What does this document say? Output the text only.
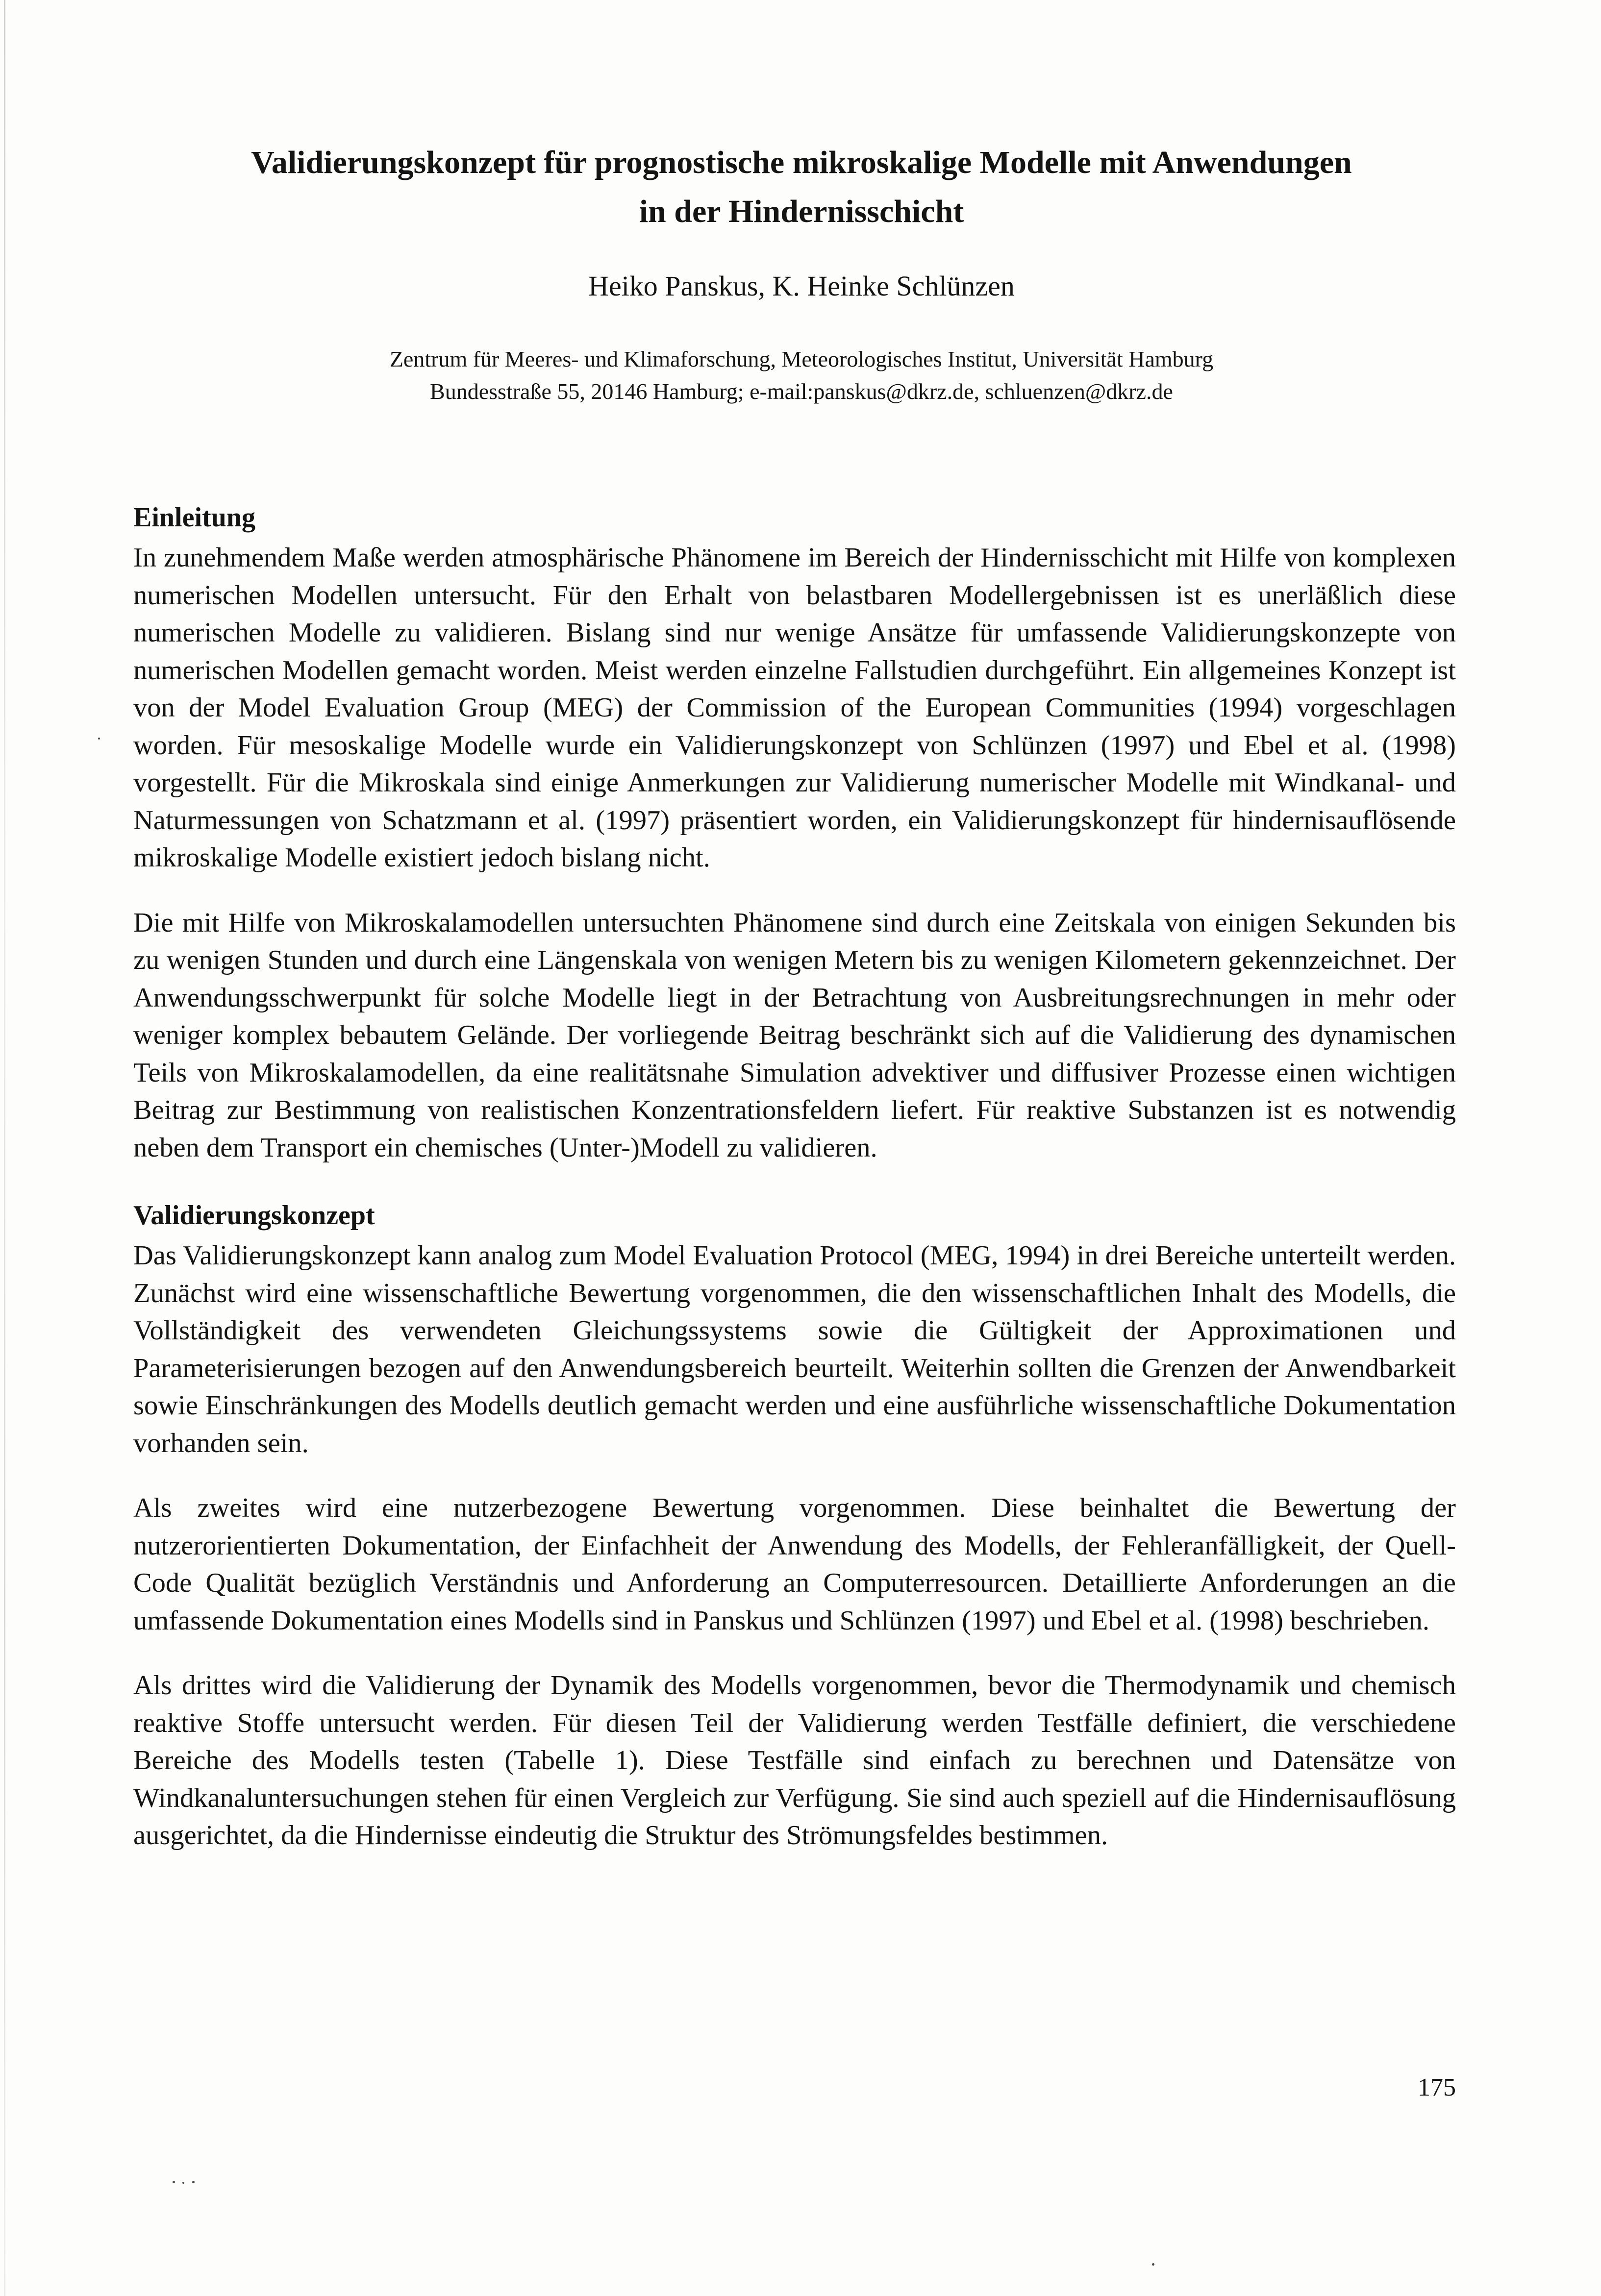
Validierungskonzept für prognostische mikroskalige Modelle mit Anwendungen
in der Hindernisschicht

Heiko Panskus, K. Heinke Schlünzen

Zentrum für Meeres- und Klimaforschung, Meteorologisches Institut, Universität Hamburg
Bundesstraße 55, 20146 Hamburg; e-mail:panskus@dkrz.de, schluenzen@dkrz.de

Einleitung

In zunehmendem Maße werden atmosphärische Phänomene im Bereich der Hindernisschicht mit Hilfe von komplexen numerischen Modellen untersucht. Für den Erhalt von belastbaren Modellergebnissen ist es unerläßlich diese numerischen Modelle zu validieren. Bislang sind nur wenige Ansätze für umfassende Validierungskonzepte von numerischen Modellen gemacht worden. Meist werden einzelne Fallstudien durchgeführt. Ein allgemeines Konzept ist von der Model Evaluation Group (MEG) der Commission of the European Communities (1994) vorgeschlagen worden. Für mesoskalige Modelle wurde ein Validierungskonzept von Schlünzen (1997) und Ebel et al. (1998) vorgestellt. Für die Mikroskala sind einige Anmerkungen zur Validierung numerischer Modelle mit Windkanal- und Naturmessungen von Schatzmann et al. (1997) präsentiert worden, ein Validierungskonzept für hindernisauflösende mikroskalige Modelle existiert jedoch bislang nicht.

Die mit Hilfe von Mikroskalamodellen untersuchten Phänomene sind durch eine Zeitskala von einigen Sekunden bis zu wenigen Stunden und durch eine Längenskala von wenigen Metern bis zu wenigen Kilometern gekennzeichnet. Der Anwendungsschwerpunkt für solche Modelle liegt in der Betrachtung von Ausbreitungsrechnungen in mehr oder weniger komplex bebautem Gelände. Der vorliegende Beitrag beschränkt sich auf die Validierung des dynamischen Teils von Mikroskalamodellen, da eine realitätsnahe Simulation advektiver und diffusiver Prozesse einen wichtigen Beitrag zur Bestimmung von realistischen Konzentrationsfeldern liefert. Für reaktive Substanzen ist es notwendig neben dem Transport ein chemisches (Unter-)Modell zu validieren.

Validierungskonzept

Das Validierungskonzept kann analog zum Model Evaluation Protocol (MEG, 1994) in drei Bereiche unterteilt werden. Zunächst wird eine wissenschaftliche Bewertung vorgenommen, die den wissenschaftlichen Inhalt des Modells, die Vollständigkeit des verwendeten Gleichungssystems sowie die Gültigkeit der Approximationen und Parameterisierungen bezogen auf den Anwendungsbereich beurteilt. Weiterhin sollten die Grenzen der Anwendbarkeit sowie Einschränkungen des Modells deutlich gemacht werden und eine ausführliche wissenschaftliche Dokumentation vorhanden sein.

Als zweites wird eine nutzerbezogene Bewertung vorgenommen. Diese beinhaltet die Bewertung der nutzerorientierten Dokumentation, der Einfachheit der Anwendung des Modells, der Fehleranfälligkeit, der Quell-Code Qualität bezüglich Verständnis und Anforderung an Computerresourcen. Detaillierte Anforderungen an die umfassende Dokumentation eines Modells sind in Panskus und Schlünzen (1997) und Ebel et al. (1998) beschrieben.

Als drittes wird die Validierung der Dynamik des Modells vorgenommen, bevor die Thermodynamik und chemisch reaktive Stoffe untersucht werden. Für diesen Teil der Validierung werden Testfälle definiert, die verschiedene Bereiche des Modells testen (Tabelle 1). Diese Testfälle sind einfach zu berechnen und Datensätze von Windkanaluntersuchungen stehen für einen Vergleich zur Verfügung. Sie sind auch speziell auf die Hindernisauflösung ausgerichtet, da die Hindernisse eindeutig die Struktur des Strömungsfeldes bestimmen.

175
